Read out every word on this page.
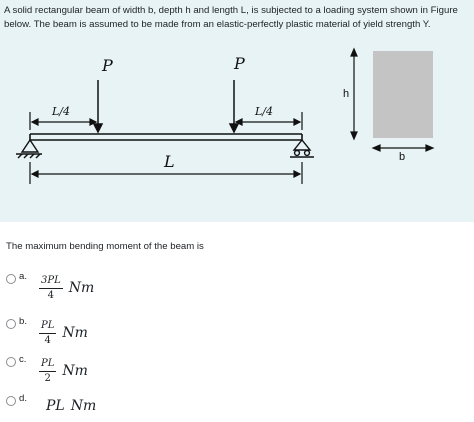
A solid rectangular beam of width b, depth h and length L, is subjected to a loading system shown in Figure below. The beam is assumed to be made from an elastic-perfectly plastic material of yield strength Y.

P	P
L/4	L/4
L
h
b

The maximum bending moment of the beam is

a. $\frac{3PL}{4}$ Nm
b. $\frac{PL}{4}$ Nm
c. $\frac{PL}{2}$ Nm
d. PL Nm
